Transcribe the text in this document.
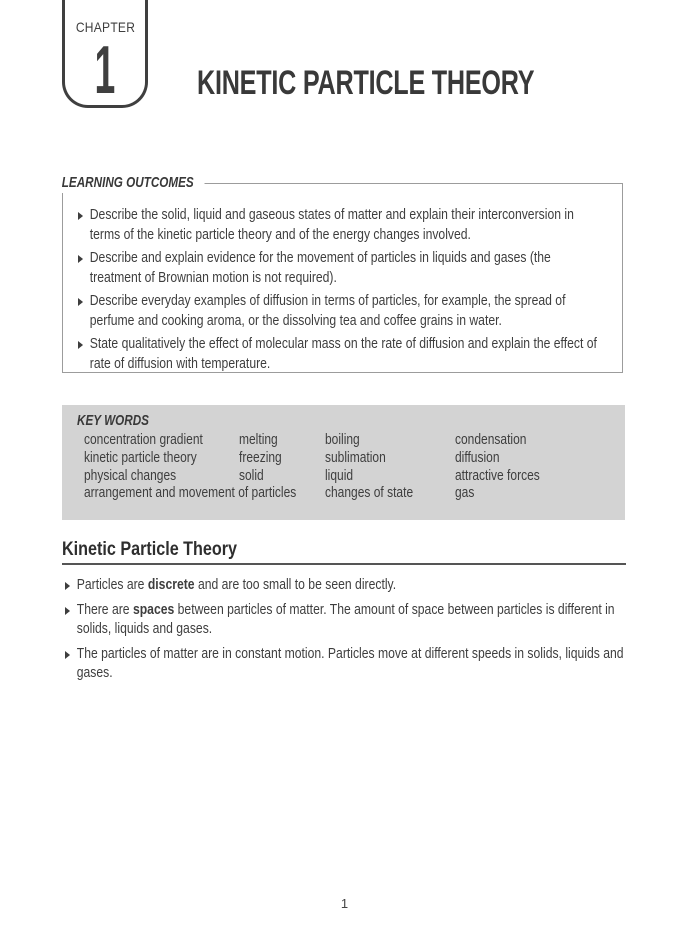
CHAPTER
1 KINETIC PARTICLE THEORY
LEARNING OUTCOMES
Describe the solid, liquid and gaseous states of matter and explain their interconversion in terms of the kinetic particle theory and of the energy changes involved.
Describe and explain evidence for the movement of particles in liquids and gases (the treatment of Brownian motion is not required).
Describe everyday examples of diffusion in terms of particles, for example, the spread of perfume and cooking aroma, or the dissolving tea and coffee grains in water.
State qualitatively the effect of molecular mass on the rate of diffusion and explain the effect of rate of diffusion with temperature.
KEY WORDS
concentration gradient
kinetic particle theory
physical changes
arrangement and movement of particles
melting
freezing
solid
boiling
sublimation
liquid
changes of state
condensation
diffusion
attractive forces
gas
Kinetic Particle Theory
Particles are discrete and are too small to be seen directly.
There are spaces between particles of matter. The amount of space between particles is different in solids, liquids and gases.
The particles of matter are in constant motion. Particles move at different speeds in solids, liquids and gases.
1
